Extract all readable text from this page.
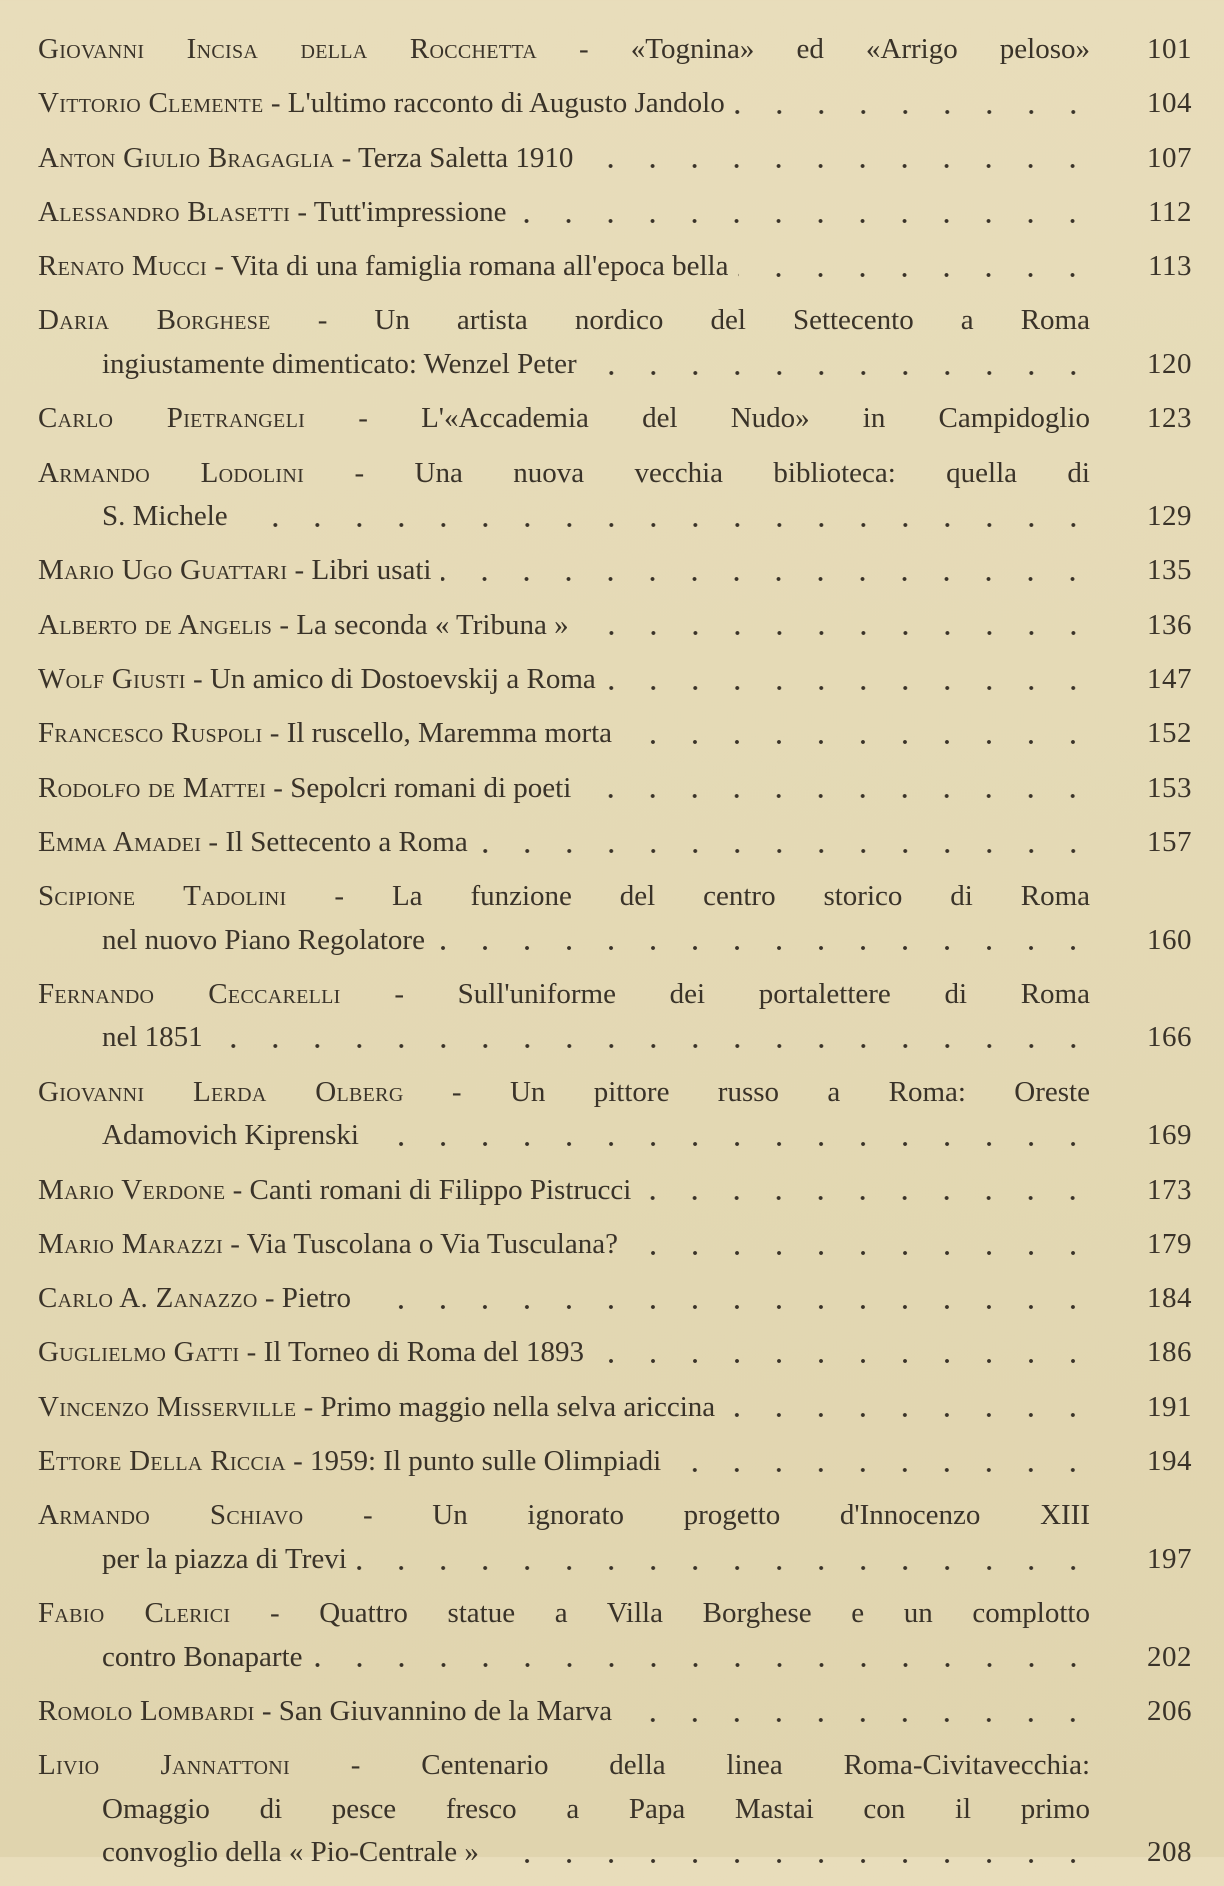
Giovanni Incisa della Rocchetta - «Tognina» ed «Arrigo peloso»	101
Vittorio Clemente - L'ultimo racconto di Augusto Jandolo	104
Anton Giulio Bragaglia - Terza Saletta 1910	107
Alessandro Blasetti - Tutt'impressione	112
Renato Mucci - Vita di una famiglia romana all'epoca bella	113
Daria Borghese - Un artista nordico del Settecento a Roma
ingiustamente dimenticato: Wenzel Peter	120
Carlo Pietrangeli - L'«Accademia del Nudo» in Campidoglio	123
Armando Lodolini - Una nuova vecchia biblioteca: quella di
S. Michele	129
Mario Ugo Guattari - Libri usati	135
Alberto de Angelis - La seconda « Tribuna »	136
Wolf Giusti - Un amico di Dostoevskij a Roma	147
Francesco Ruspoli - Il ruscello, Maremma morta	152
Rodolfo de Mattei - Sepolcri romani di poeti	153
Emma Amadei - Il Settecento a Roma	157
Scipione Tadolini - La funzione del centro storico di Roma
nel nuovo Piano Regolatore	160
Fernando Ceccarelli - Sull'uniforme dei portalettere di Roma
nel 1851	166
Giovanni Lerda Olberg - Un pittore russo a Roma: Oreste
Adamovich Kiprenski	169
Mario Verdone - Canti romani di Filippo Pistrucci	173
Mario Marazzi - Via Tuscolana o Via Tusculana?	179
Carlo A. Zanazzo - Pietro	184
Guglielmo Gatti - Il Torneo di Roma del 1893	186
Vincenzo Misserville - Primo maggio nella selva ariccina	191
Ettore Della Riccia - 1959: Il punto sulle Olimpiadi	194
Armando Schiavo - Un ignorato progetto d'Innocenzo XIII
per la piazza di Trevi	197
Fabio Clerici - Quattro statue a Villa Borghese e un complotto
contro Bonaparte	202
Romolo Lombardi - San Giuvannino de la Marva	206
Livio Jannattoni - Centenario della linea Roma-Civitavecchia:
Omaggio di pesce fresco a Papa Mastai con il primo
convoglio della « Pio-Centrale »	208
